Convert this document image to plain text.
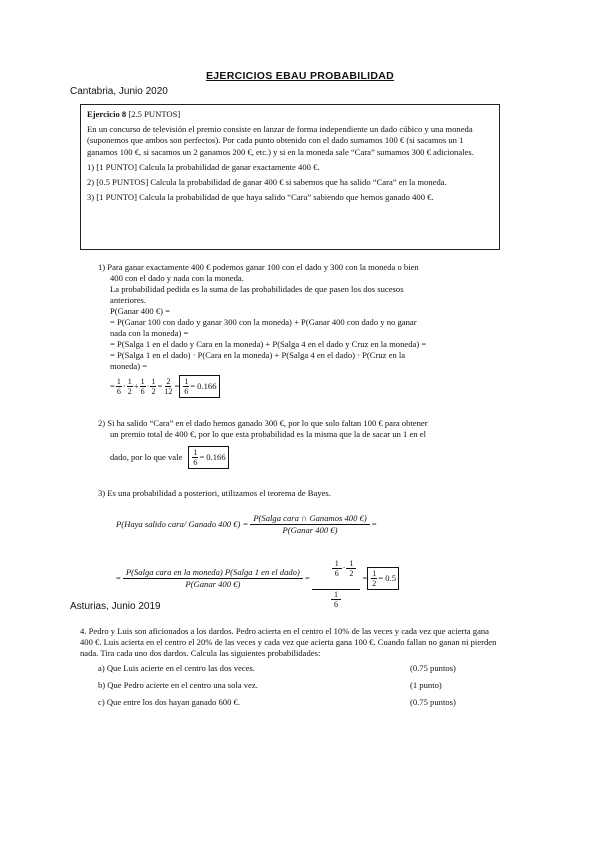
EJERCICIOS EBAU PROBABILIDAD
Cantabria, Junio 2020

Ejercicio 8 [2.5 PUNTOS]

En un concurso de televisión el premio consiste en lanzar de forma independiente un dado cúbico y una moneda (suponemos que ambos son perfectos). Por cada punto obtenido con el dado sumamos 100 € (si sacamos un 1 ganamos 100 €, si sacamos un 2 ganamos 200 €, etc.) y si en la moneda sale “Cara” sumamos 300 € adicionales.

1) [1 PUNTO] Calcula la probabilidad de ganar exactamente 400 €.

2) [0.5 PUNTOS] Calcula la probabilidad de ganar 400 € si sabemos que ha salido “Cara” en la moneda.

3) [1 PUNTO] Calcula la probabilidad de que haya salido “Cara” sabiendo que hemos ganado 400 €.

1) Para ganar exactamente 400 € podemos ganar 100 con el dado y 300 con la moneda o bien

400 con el dado y nada con la moneda.

La probabilidad pedida es la suma de las probabilidades de que pasen los dos sucesos

anteriores.

P(Ganar 400 €) =

= P(Ganar 100 con dado y ganar 300 con la moneda) + P(Ganar 400 con dado y no ganar

nada con la moneda) =

= P(Salga 1 en el dado y Cara en la moneda) + P(Salga 4 en el dado y Cruz en la moneda) =

= P(Salga 1 en el dado) · P(Cara en la moneda) + P(Salga 4 en el dado) · P(Cruz en la

moneda) =

= $\frac{1}{6} \cdot \frac{1}{2} + \frac{1}{6} \cdot \frac{1}{2} = \frac{2}{12} = \frac{1}{6} = 0.166$

2) Si ha salido “Cara” en el dado hemos ganado 300 €, por lo que solo faltan 100 € para obtener

un premio total de 400 €, por lo que esta probabilidad es la misma que la de sacar un 1 en el

dado, por lo que vale $\frac{1}{6} = 0.166$

3) Es una probabilidad a posteriori, utilizamos el teorema de Bayes.

P(Haya salido cara/ Ganado 400 €) = $\frac{\text{P(Salga cara ∩ Ganamos 400 €)}}{\text{P(Ganar 400 €)}}$ =
= $\frac{\text{P(Salga cara en la moneda) P(Salga 1 en el dado)}}{\text{P(Ganar 400 €)}}$ =

$\frac{\frac{1}{6} \cdot \frac{1}{2}}{\frac{1}{6}} = \frac{1}{2} = 0.5$
Asturias, Junio 2019

4. Pedro y Luis son aficionados a los dardos. Pedro acierta en el centro el 10% de las veces y cada vez que acierta gana 400 €. Luis acierta en el centro el 20% de las veces y cada vez que acierta gana 100 €. Cuando fallan no ganan ni pierden nada. Tira cada uno dos dardos. Calcula las siguientes probabilidades:

a) Que Luis acierte en el centro las dos veces.	(0.75 puntos)
b) Que Pedro acierte en el centro una sola vez.	(1 punto)
c) Que entre los dos hayan ganado 600 €.	(0.75 puntos)
